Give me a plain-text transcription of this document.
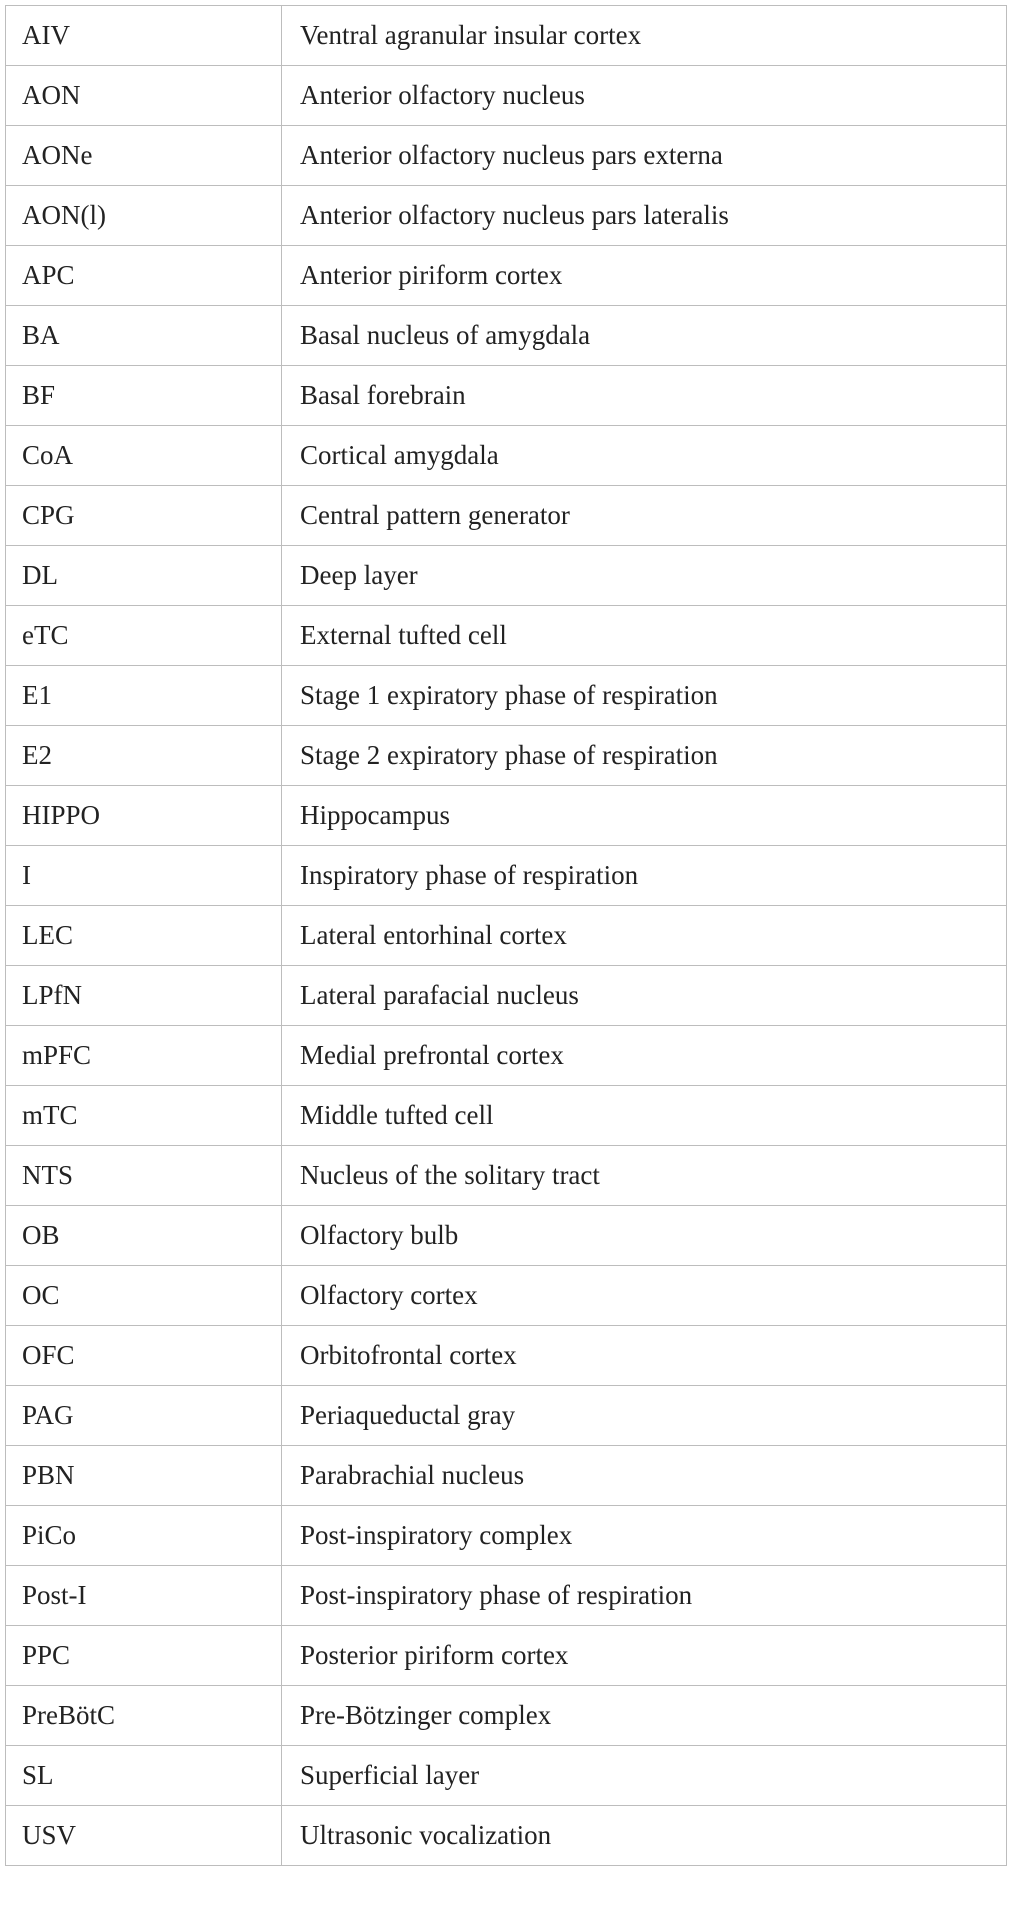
AIV	Ventral agranular insular cortex
AON	Anterior olfactory nucleus
AONe	Anterior olfactory nucleus pars externa
AON(l)	Anterior olfactory nucleus pars lateralis
APC	Anterior piriform cortex
BA	Basal nucleus of amygdala
BF	Basal forebrain
CoA	Cortical amygdala
CPG	Central pattern generator
DL	Deep layer
eTC	External tufted cell
E1	Stage 1 expiratory phase of respiration
E2	Stage 2 expiratory phase of respiration
HIPPO	Hippocampus
I	Inspiratory phase of respiration
LEC	Lateral entorhinal cortex
LPfN	Lateral parafacial nucleus
mPFC	Medial prefrontal cortex
mTC	Middle tufted cell
NTS	Nucleus of the solitary tract
OB	Olfactory bulb
OC	Olfactory cortex
OFC	Orbitofrontal cortex
PAG	Periaqueductal gray
PBN	Parabrachial nucleus
PiCo	Post-inspiratory complex
Post-I	Post-inspiratory phase of respiration
PPC	Posterior piriform cortex
PreBötC	Pre-Bötzinger complex
SL	Superficial layer
USV	Ultrasonic vocalization
